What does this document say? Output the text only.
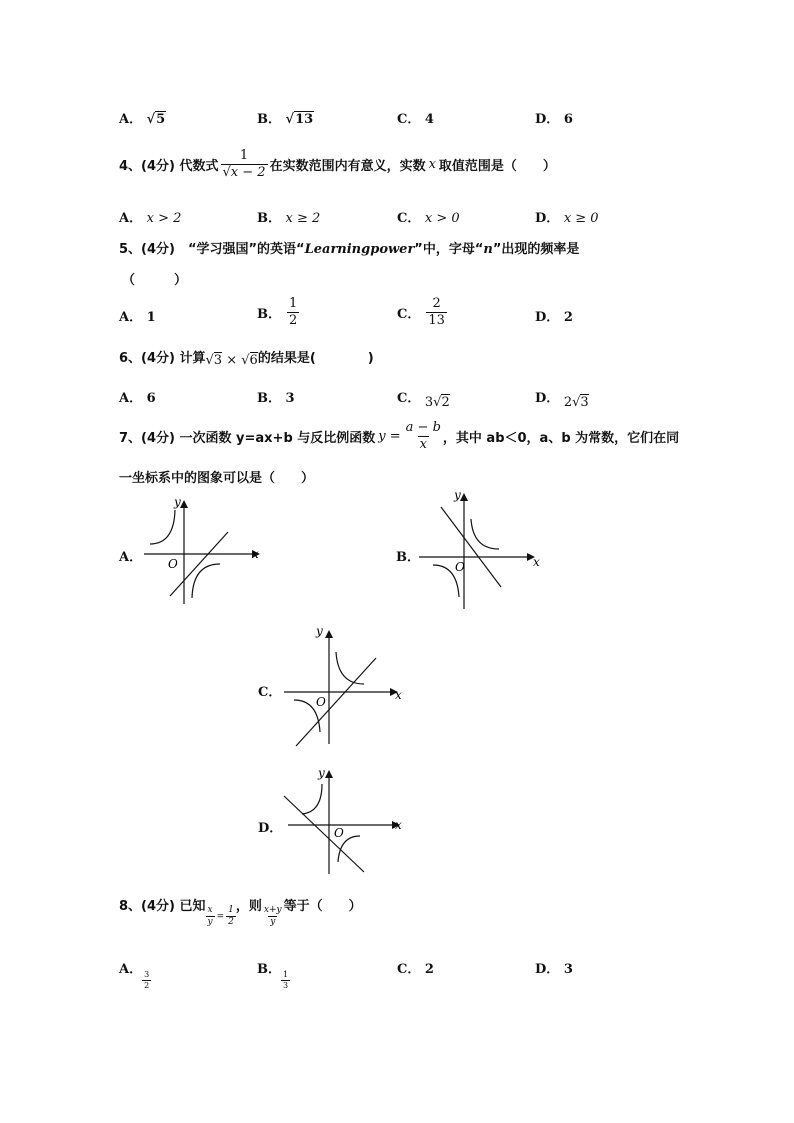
A． √5	B． √13	C． 4	D． 6
4、(4分) 代数式 $\frac{1}{√x - 2}$ 在实数范围内有意义，实数 x 取值范围是（　　）
A． x > 2	B． x ≥ 2	C． x > 0	D． x ≥ 0
5、(4分)　“学习强国”的英语“Learningpower”中，字母“n”出现的频率是
（　　　）
A． 1	B． $\frac{1}{2}$	C． $\frac{2}{13}$	D． 2
6、(4分) 计算 √3 × √6 的结果是(　　　　)
A． 6	B． 3	C． 3√2	D． 2√3
7、(4分) 一次函数 y=ax+b 与反比例函数 $y = \frac{a - b}{x}$ ，其中 ab＜0，a、b 为常数，它们在同
一坐标系中的图象可以是（　　）
A．	x
y
O	B．	x
y
O
C．	x
y
O
D．	x
y
O
8、(4分) 已知 $\frac{x}{y} = \frac{1}{2}$ ，则 $\frac{x+y}{y}$ 等于（　　）
A．
$\frac{3}{2}$
B．
$\frac{1}{3}$
C． 2	D． 3
